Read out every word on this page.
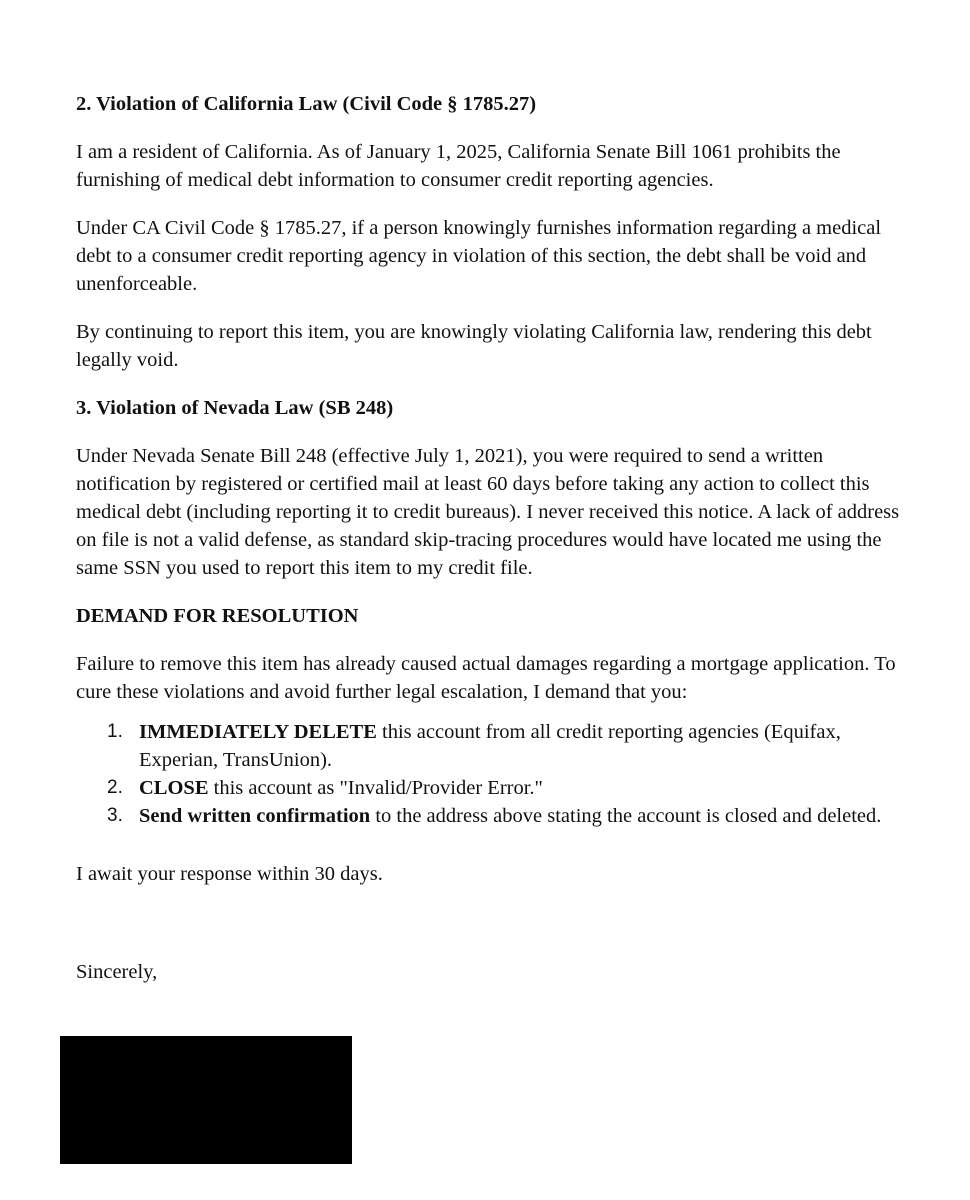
2. Violation of California Law (Civil Code § 1785.27)

I am a resident of California. As of January 1, 2025, California Senate Bill 1061 prohibits the furnishing of medical debt information to consumer credit reporting agencies.

Under CA Civil Code § 1785.27, if a person knowingly furnishes information regarding a medical debt to a consumer credit reporting agency in violation of this section, the debt shall be void and unenforceable.

By continuing to report this item, you are knowingly violating California law, rendering this debt legally void.

3. Violation of Nevada Law (SB 248)

Under Nevada Senate Bill 248 (effective July 1, 2021), you were required to send a written notification by registered or certified mail at least 60 days before taking any action to collect this medical debt (including reporting it to credit bureaus). I never received this notice. A lack of address on file is not a valid defense, as standard skip-tracing procedures would have located me using the same SSN you used to report this item to my credit file.

DEMAND FOR RESOLUTION

Failure to remove this item has already caused actual damages regarding a mortgage application. To cure these violations and avoid further legal escalation, I demand that you:

1. IMMEDIATELY DELETE this account from all credit reporting agencies (Equifax, Experian, TransUnion).
2. CLOSE this account as "Invalid/Provider Error."
3. Send written confirmation to the address above stating the account is closed and deleted.

I await your response within 30 days.

Sincerely,
